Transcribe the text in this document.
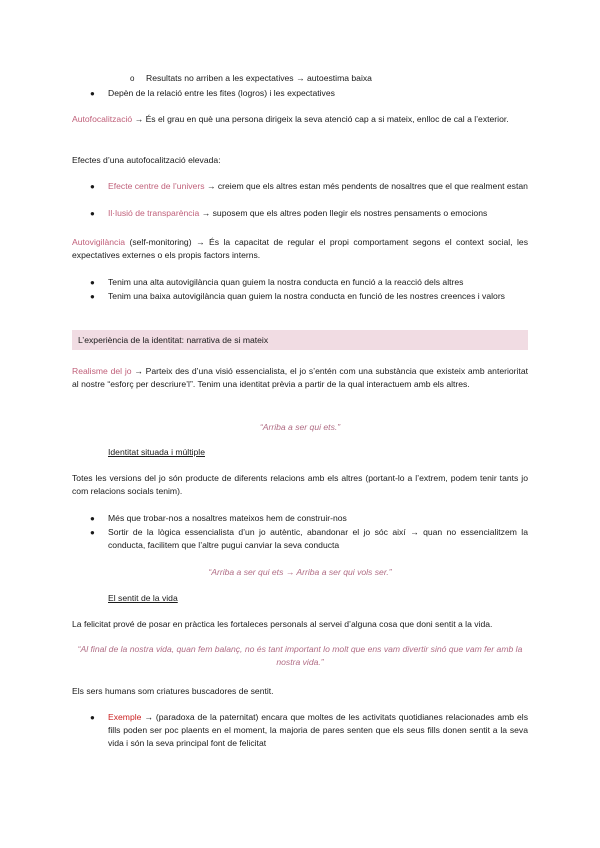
o Resultats no arriben a les expectatives → autoestima baixa
● Depèn de la relació entre les fites (logros) i les expectatives
Autofocalització → És el grau en què una persona dirigeix la seva atenció cap a si mateix, enlloc de cal a l’exterior.
Efectes d’una autofocalització elevada:
● Efecte centre de l’univers → creiem que els altres estan més pendents de nosaltres que el que realment estan
● Il·lusió de transparència → suposem que els altres poden llegir els nostres pensaments o emocions
Autovigilància (self-monitoring) → És la capacitat de regular el propi comportament segons el context social, les expectatives externes o els propis factors interns.
● Tenim una alta autovigilància quan guiem la nostra conducta en funció a la reacció dels altres
● Tenim una baixa autovigilància quan guiem la nostra conducta en funció de les nostres creences i valors
L’experiència de la identitat: narrativa de si mateix
Realisme del jo → Parteix des d’una visió essencialista, el jo s’entén com una substància que existeix amb anterioritat al nostre “esforç per descriure’l”. Tenim una identitat prèvia a partir de la qual interactuem amb els altres.
“Arriba a ser qui ets.”
Identitat situada i múltiple
Totes les versions del jo són producte de diferents relacions amb els altres (portant-lo a l’extrem, podem tenir tants jo com relacions socials tenim).
● Més que trobar-nos a nosaltres mateixos hem de construir-nos
● Sortir de la lògica essencialista d’un jo autèntic, abandonar el jo sóc així → quan no essencialitzem la conducta, facilitem que l’altre pugui canviar la seva conducta
“Arriba a ser qui ets → Arriba a ser qui vols ser.”
El sentit de la vida
La felicitat prové de posar en pràctica les fortaleces personals al servei d’alguna cosa que doni sentit a la vida.
“Al final de la nostra vida, quan fem balanç, no és tant important lo molt que ens vam divertir sinó que vam fer amb la nostra vida.”
Els sers humans som criatures buscadores de sentit.
● Exemple → (paradoxa de la paternitat) encara que moltes de les activitats quotidianes relacionades amb els fills poden ser poc plaents en el moment, la majoria de pares senten que els seus fills donen sentit a la seva vida i són la seva principal font de felicitat
